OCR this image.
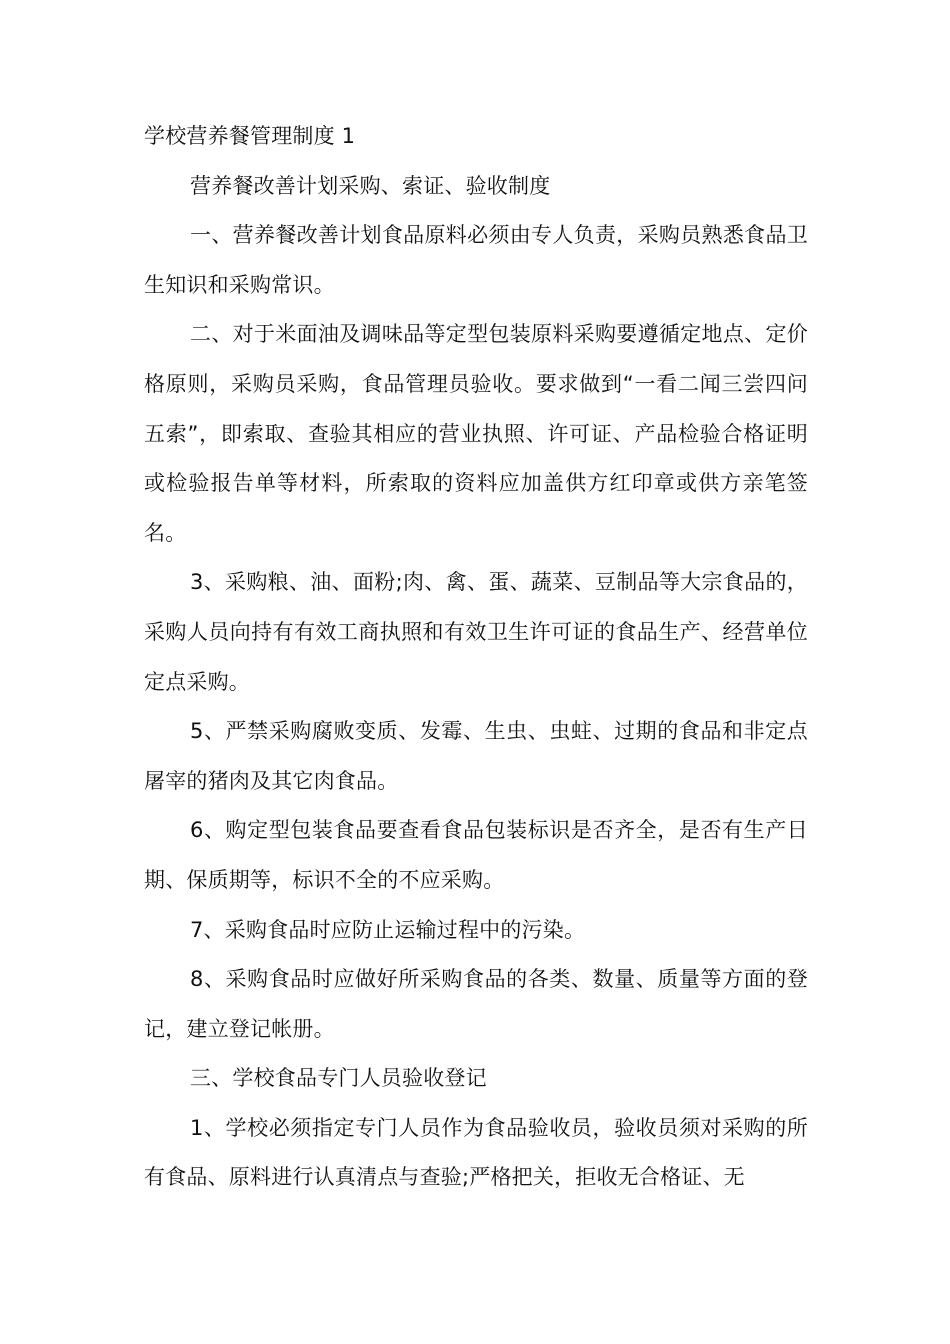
学校营养餐管理制度 1

营养餐改善计划采购、索证、验收制度

一、营养餐改善计划食品原料必须由专人负责，采购员熟悉食品卫生知识和采购常识。

二、对于米面油及调味品等定型包装原料采购要遵循定地点、定价格原则，采购员采购，食品管理员验收。要求做到“一看二闻三尝四问五索”，即索取、查验其相应的营业执照、许可证、产品检验合格证明或检验报告单等材料，所索取的资料应加盖供方红印章或供方亲笔签名。

3、采购粮、油、面粉;肉、禽、蛋、蔬菜、豆制品等大宗食品的，采购人员向持有有效工商执照和有效卫生许可证的食品生产、经营单位定点采购。

5、严禁采购腐败变质、发霉、生虫、虫蛀、过期的食品和非定点屠宰的猪肉及其它肉食品。

6、购定型包装食品要查看食品包装标识是否齐全，是否有生产日期、保质期等，标识不全的不应采购。

7、采购食品时应防止运输过程中的污染。

8、采购食品时应做好所采购食品的各类、数量、质量等方面的登记，建立登记帐册。

三、学校食品专门人员验收登记

1、学校必须指定专门人员作为食品验收员，验收员须对采购的所有食品、原料进行认真清点与查验;严格把关，拒收无合格证、无
